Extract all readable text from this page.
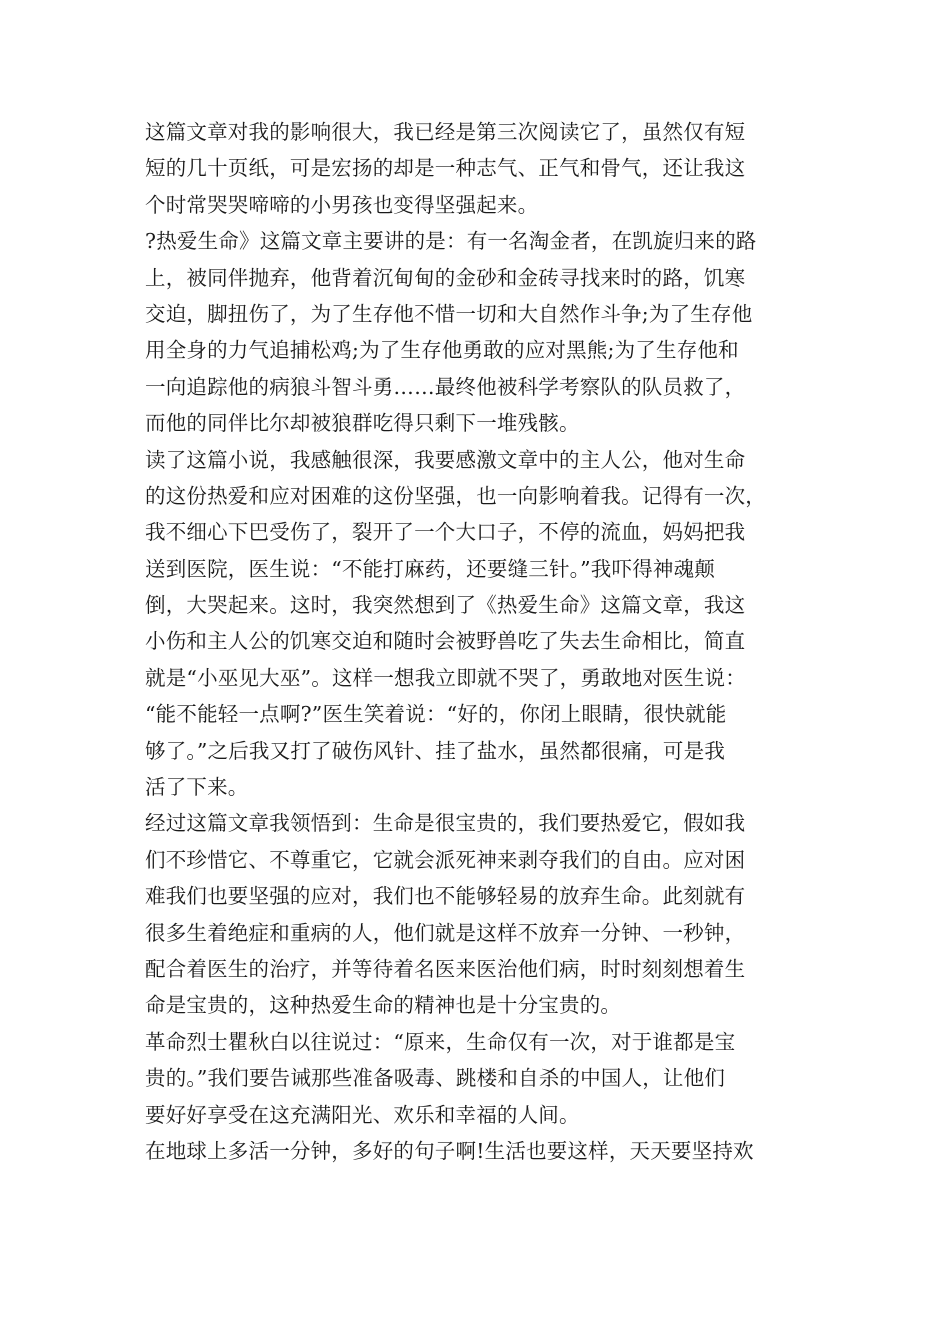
这篇文章对我的影响很大，我已经是第三次阅读它了，虽然仅有短
短的几十页纸，可是宏扬的却是一种志气、正气和骨气，还让我这
个时常哭哭啼啼的小男孩也变得坚强起来。
?热爱生命》这篇文章主要讲的是：有一名淘金者，在凯旋归来的路
上，被同伴抛弃，他背着沉甸甸的金砂和金砖寻找来时的路，饥寒
交迫，脚扭伤了，为了生存他不惜一切和大自然作斗争;为了生存他
用全身的力气追捕松鸡;为了生存他勇敢的应对黑熊;为了生存他和
一向追踪他的病狼斗智斗勇……最终他被科学考察队的队员救了，
而他的同伴比尔却被狼群吃得只剩下一堆残骸。
读了这篇小说，我感触很深，我要感激文章中的主人公，他对生命
的这份热爱和应对困难的这份坚强，也一向影响着我。记得有一次，
我不细心下巴受伤了，裂开了一个大口子，不停的流血，妈妈把我
送到医院，医生说：“不能打麻药，还要缝三针。”我吓得神魂颠
倒，大哭起来。这时，我突然想到了《热爱生命》这篇文章，我这
小伤和主人公的饥寒交迫和随时会被野兽吃了失去生命相比，简直
就是“小巫见大巫”。这样一想我立即就不哭了，勇敢地对医生说：
“能不能轻一点啊?”医生笑着说：“好的，你闭上眼睛，很快就能
够了。”之后我又打了破伤风针、挂了盐水，虽然都很痛，可是我
活了下来。
经过这篇文章我领悟到：生命是很宝贵的，我们要热爱它，假如我
们不珍惜它、不尊重它，它就会派死神来剥夺我们的自由。应对困
难我们也要坚强的应对，我们也不能够轻易的放弃生命。此刻就有
很多生着绝症和重病的人，他们就是这样不放弃一分钟、一秒钟，
配合着医生的治疗，并等待着名医来医治他们病，时时刻刻想着生
命是宝贵的，这种热爱生命的精神也是十分宝贵的。
革命烈士瞿秋白以往说过：“原来，生命仅有一次，对于谁都是宝
贵的。”我们要告诫那些准备吸毒、跳楼和自杀的中国人，让他们
要好好享受在这充满阳光、欢乐和幸福的人间。
在地球上多活一分钟，多好的句子啊!生活也要这样，天天要坚持欢
